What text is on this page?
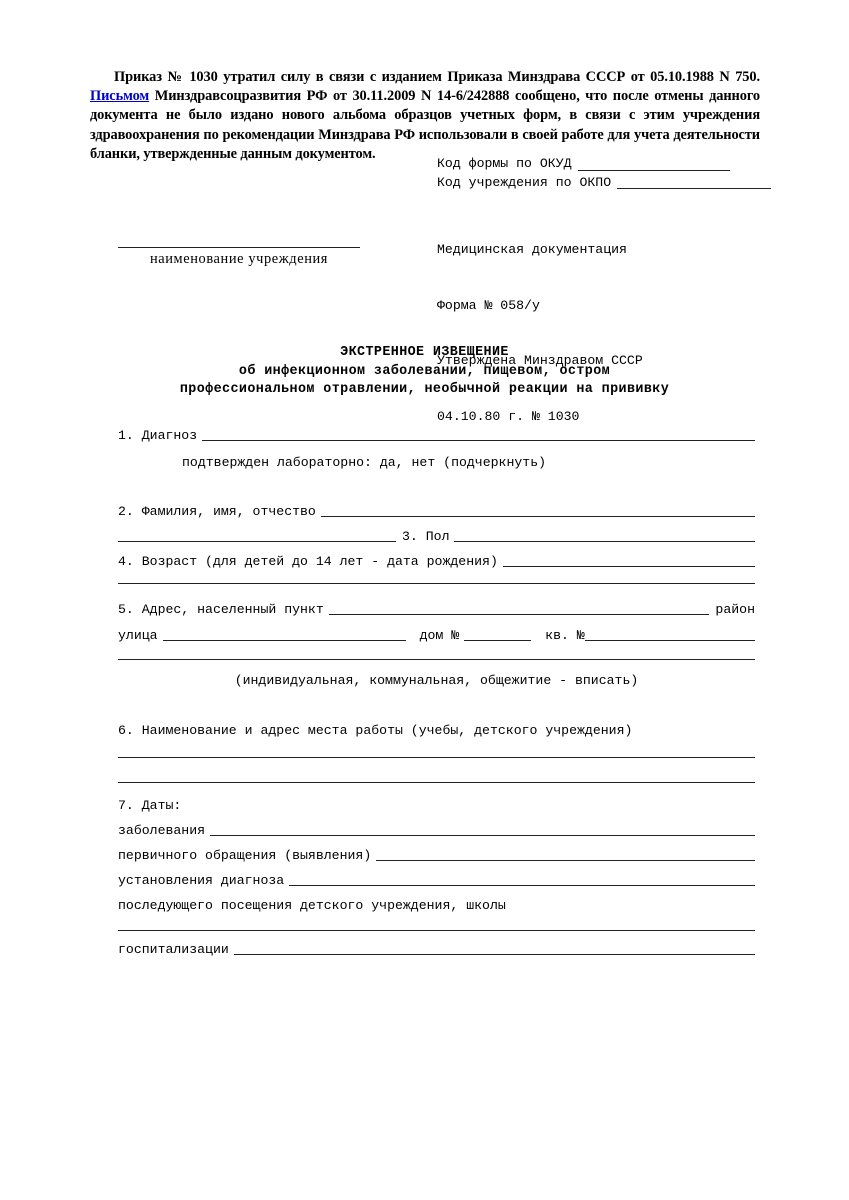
Приказ № 1030 утратил силу в связи с изданием Приказа Минздрава СССР от 05.10.1988 N 750. Письмом Минздравсоцразвития РФ от 30.11.2009 N 14-6/242888 сообщено, что после отмены данного документа не было издано нового альбома образцов учетных форм, в связи с этим учреждения здравоохранения по рекомендации Минздрава РФ использовали в своей работе для учета деятельности бланки, утвержденные данным документом.
Код формы по ОКУД
Код учреждения по ОКПО

Медицинская документация

Форма № 058/у

Утверждена Минздравом СССР

04.10.80 г. № 1030

наименование учреждения
ЭКСТРЕННОЕ ИЗВЕЩЕНИЕ
об инфекционном заболевании, пищевом, остром
профессиональном отравлении, необычной реакции на прививку
1. Диагноз
подтвержден лабораторно: да, нет (подчеркнуть)
2. Фамилия, имя, отчество
3. Пол
4. Возраст (для детей до 14 лет - дата рождения)
5. Адрес, населенный пункт	район
улица	дом №	кв. №
(индивидуальная, коммунальная, общежитие - вписать)
6. Наименование и адрес места работы (учебы, детского учреждения)
7. Даты:
заболевания
первичного обращения (выявления)
установления диагноза
последующего посещения детского учреждения, школы
госпитализации
